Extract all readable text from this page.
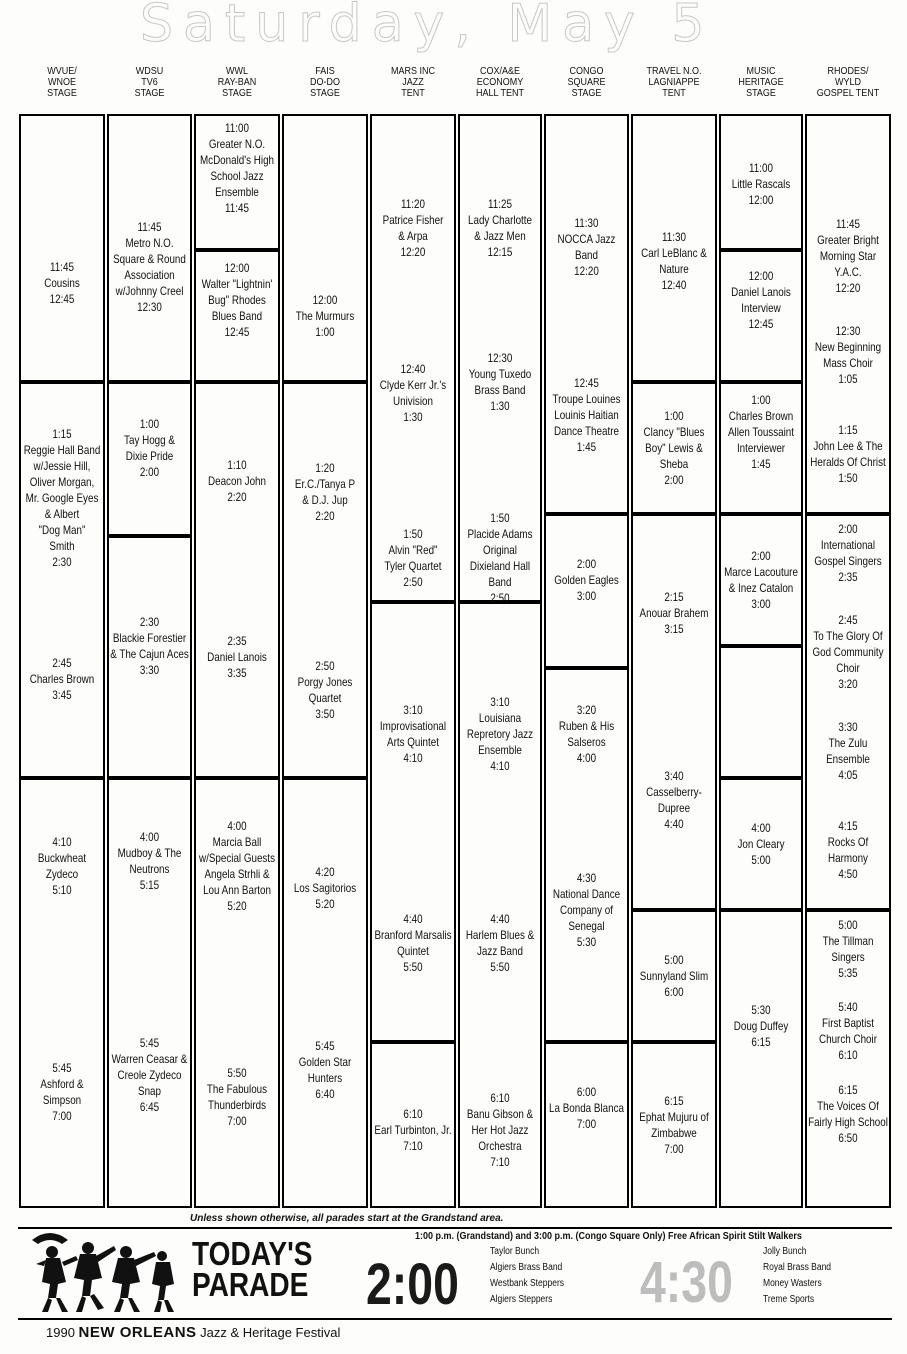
Saturday, May 5
WVUE/
WNOE
STAGE
WDSU
TV6
STAGE
WWL
RAY-BAN
STAGE
FAIS
DO-DO
STAGE
MARS INC
JAZZ
TENT
COX/A&E
ECONOMY
HALL TENT
CONGO
SQUARE
STAGE
TRAVEL N.O.
LAGNIAPPE
TENT
MUSIC
HERITAGE
STAGE
RHODES/
WYLD
GOSPEL TENT
11:45
Cousins
12:45
1:15
Reggie Hall Band
w/Jessie Hill,
Oliver Morgan,
Mr. Google Eyes
& Albert
"Dog Man"
Smith
2:30
2:45
Charles Brown
3:45
4:10
Buckwheat
Zydeco
5:10
5:45
Ashford &
Simpson
7:00
11:45
Metro N.O.
Square & Round
Association
w/Johnny Creel
12:30
1:00
Tay Hogg &
Dixie Pride
2:00
2:30
Blackie Forestier
& The Cajun Aces
3:30
4:00
Mudboy & The
Neutrons
5:15
5:45
Warren Ceasar &
Creole Zydeco
Snap
6:45
11:00
Greater N.O.
McDonald's High
School Jazz
Ensemble
11:45
12:00
Walter "Lightnin'
Bug" Rhodes
Blues Band
12:45
1:10
Deacon John
2:20
2:35
Daniel Lanois
3:35
4:00
Marcia Ball
w/Special Guests
Angela Strhli &
Lou Ann Barton
5:20
5:50
The Fabulous
Thunderbirds
7:00
12:00
The Murmurs
1:00
1:20
Er.C./Tanya P
& D.J. Jup
2:20
2:50
Porgy Jones
Quartet
3:50
4:20
Los Sagitorios
5:20
5:45
Golden Star
Hunters
6:40
11:20
Patrice Fisher
& Arpa
12:20
12:40
Clyde Kerr Jr.'s
Univision
1:30
1:50
Alvin "Red"
Tyler Quartet
2:50
3:10
Improvisational
Arts Quintet
4:10
4:40
Branford Marsalis
Quintet
5:50
6:10
Earl Turbinton, Jr.
7:10
11:25
Lady Charlotte
& Jazz Men
12:15
12:30
Young Tuxedo
Brass Band
1:30
1:50
Placide Adams
Original
Dixieland Hall
Band
2:50
3:10
Louisiana
Repretory Jazz
Ensemble
4:10
4:40
Harlem Blues &
Jazz Band
5:50
6:10
Banu Gibson &
Her Hot Jazz
Orchestra
7:10
11:30
NOCCA Jazz Band
12:20
12:45
Troupe Louines
Louinis Haitian
Dance Theatre
1:45
2:00
Golden Eagles
3:00
3:20
Ruben & His
Salseros
4:00
4:30
National Dance
Company of
Senegal
5:30
6:00
La Bonda Blanca
7:00
11:30
Carl LeBlanc &
Nature
12:40
1:00
Clancy "Blues
Boy" Lewis &
Sheba
2:00
2:15
Anouar Brahem
3:15
3:40
Casselberry-
Dupree
4:40
5:00
Sunnyland Slim
6:00
6:15
Ephat Mujuru of
Zimbabwe
7:00
11:00
Little Rascals
12:00
12:00
Daniel Lanois
Interview
12:45
1:00
Charles Brown
Allen Toussaint
Interviewer
1:45
2:00
Marce Lacouture
& Inez Catalon
3:00
4:00
Jon Cleary
5:00
5:30
Doug Duffey
6:15
11:45
Greater Bright
Morning Star
Y.A.C.
12:20
12:30
New Beginning
Mass Choir
1:05
1:15
John Lee & The
Heralds Of Christ
1:50
2:00
International
Gospel Singers
2:35
2:45
To The Glory Of
God Community
Choir
3:20
3:30
The Zulu
Ensemble
4:05
4:15
Rocks Of
Harmony
4:50
5:00
The Tillman
Singers
5:35
5:40
First Baptist
Church Choir
6:10
6:15
The Voices Of
Fairly High School
6:50
Unless shown otherwise, all parades start at the Grandstand area.
TODAY'S
PARADE
1:00 p.m. (Grandstand) and 3:00 p.m. (Congo Square Only) Free African Spirit Stilt Walkers
2:00
Taylor Bunch
Algiers Brass Band
Westbank Steppers
Algiers Steppers 4:30	Jolly Bunch
Royal Brass Band
Money Wasters
Treme Sports
1990 NEW ORLEANS Jazz & Heritage Festival
